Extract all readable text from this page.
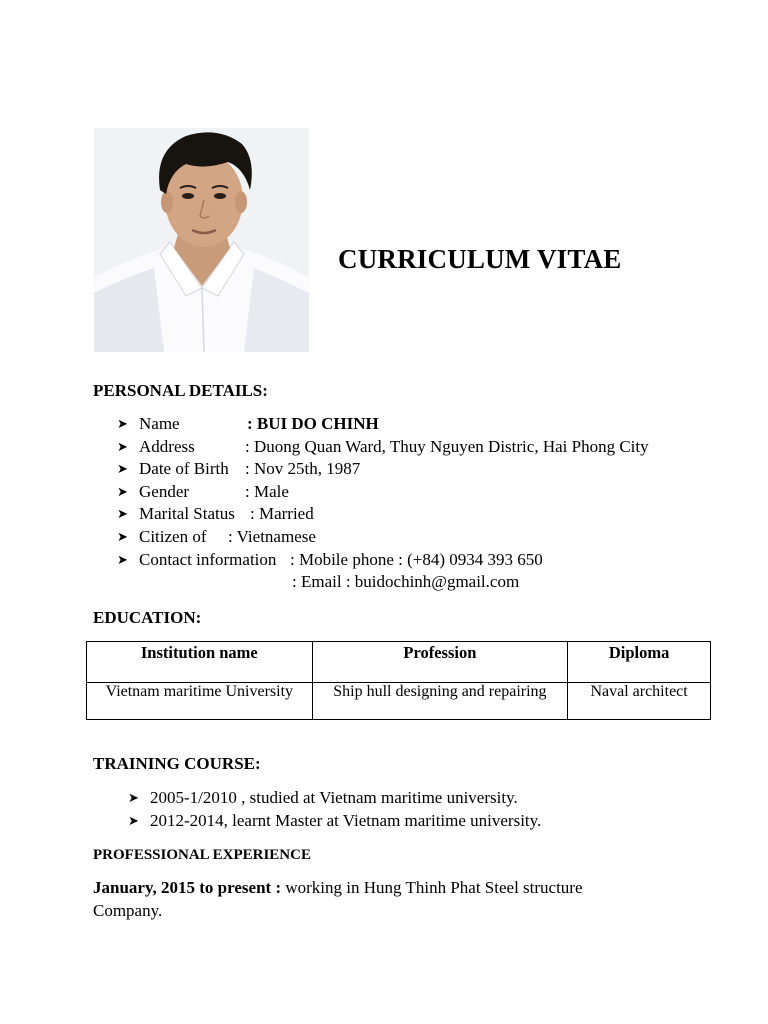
CURRICULUM VITAE
PERSONAL DETAILS:
➤ Name	: BUI DO CHINH
➤ Address	: Duong Quan Ward, Thuy Nguyen Distric, Hai Phong City
➤ Date of Birth : Nov 25th, 1987
➤ Gender	: Male
➤ Marital Status : Married
➤ Citizen of : Vietnamese
➤ Contact information : Mobile phone : (+84) 0934 393 650
: Email : buidochinh@gmail.com
EDUCATION:
Institution name	Profession	Diploma
Vietnam maritime University	Ship hull designing and repairing	Naval architect
TRAINING COURSE:
➤ 2005-1/2010 , studied at Vietnam maritime university.
➤ 2012-2014, learnt Master at Vietnam maritime university.
PROFESSIONAL EXPERIENCE
January, 2015 to present : working in Hung Thinh Phat Steel structure Company.
